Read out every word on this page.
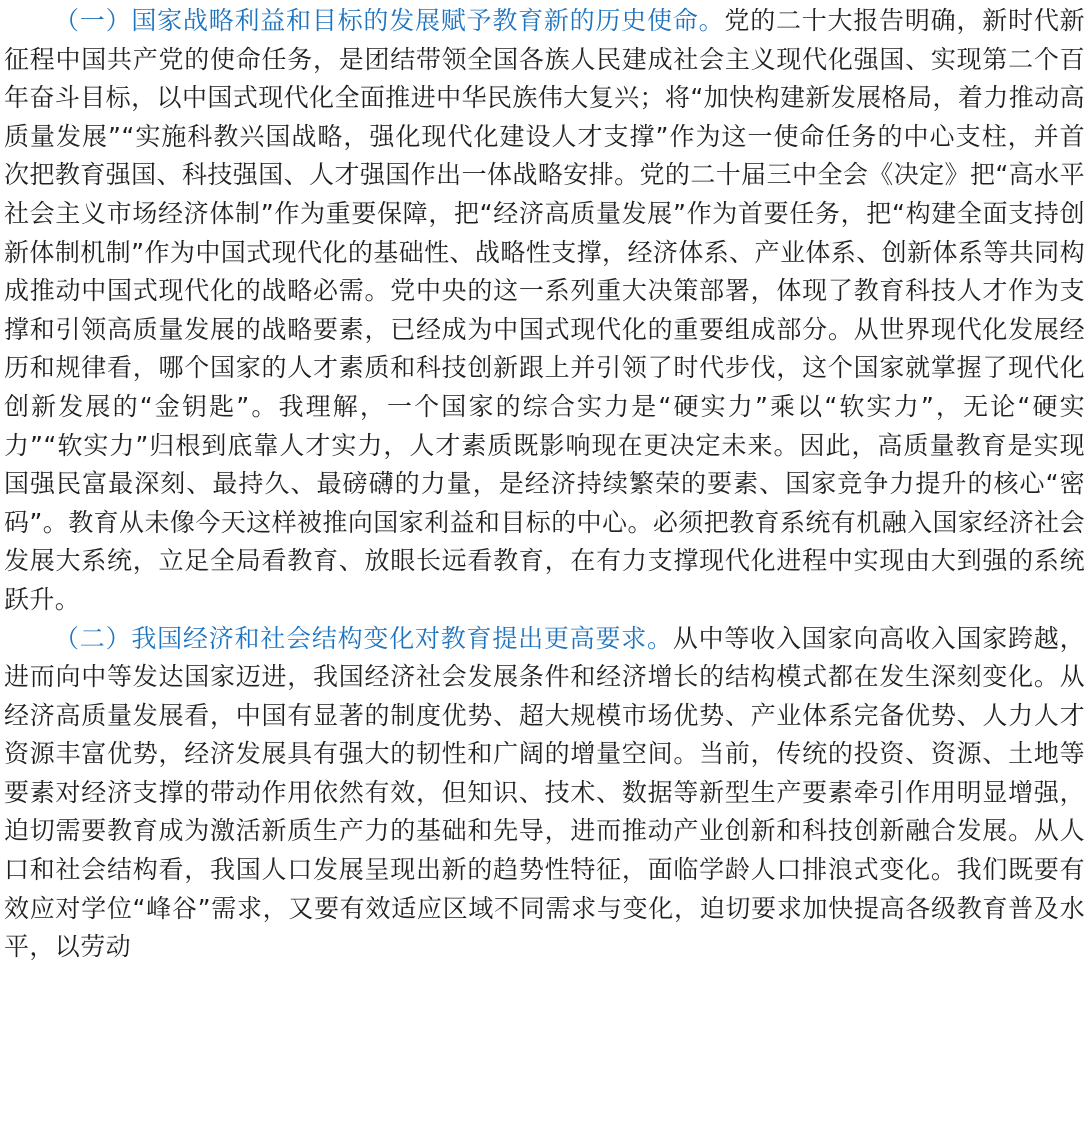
（一）国家战略利益和目标的发展赋予教育新的历史使命。党的二十大报告明确，新时代新征程中国共产党的使命任务，是团结带领全国各族人民建成社会主义现代化强国、实现第二个百年奋斗目标，以中国式现代化全面推进中华民族伟大复兴；将“加快构建新发展格局，着力推动高质量发展”“实施科教兴国战略，强化现代化建设人才支撑”作为这一使命任务的中心支柱，并首次把教育强国、科技强国、人才强国作出一体战略安排。党的二十届三中全会《决定》把“高水平社会主义市场经济体制”作为重要保障，把“经济高质量发展”作为首要任务，把“构建全面支持创新体制机制”作为中国式现代化的基础性、战略性支撑，经济体系、产业体系、创新体系等共同构成推动中国式现代化的战略必需。党中央的这一系列重大决策部署，体现了教育科技人才作为支撑和引领高质量发展的战略要素，已经成为中国式现代化的重要组成部分。从世界现代化发展经历和规律看，哪个国家的人才素质和科技创新跟上并引领了时代步伐，这个国家就掌握了现代化创新发展的“金钥匙”。我理解，一个国家的综合实力是“硬实力”乘以“软实力”，无论“硬实力”“软实力”归根到底靠人才实力，人才素质既影响现在更决定未来。因此，高质量教育是实现国强民富最深刻、最持久、最磅礴的力量，是经济持续繁荣的要素、国家竞争力提升的核心“密码”。教育从未像今天这样被推向国家利益和目标的中心。必须把教育系统有机融入国家经济社会发展大系统，立足全局看教育、放眼长远看教育，在有力支撑现代化进程中实现由大到强的系统跃升。

（二）我国经济和社会结构变化对教育提出更高要求。从中等收入国家向高收入国家跨越，进而向中等发达国家迈进，我国经济社会发展条件和经济增长的结构模式都在发生深刻变化。从经济高质量发展看，中国有显著的制度优势、超大规模市场优势、产业体系完备优势、人力人才资源丰富优势，经济发展具有强大的韧性和广阔的增量空间。当前，传统的投资、资源、土地等要素对经济支撑的带动作用依然有效，但知识、技术、数据等新型生产要素牵引作用明显增强，迫切需要教育成为激活新质生产力的基础和先导，进而推动产业创新和科技创新融合发展。从人口和社会结构看，我国人口发展呈现出新的趋势性特征，面临学龄人口排浪式变化。我们既要有效应对学位“峰谷”需求，又要有效适应区域不同需求与变化，迫切要求加快提高各级教育普及水平，以劳动
